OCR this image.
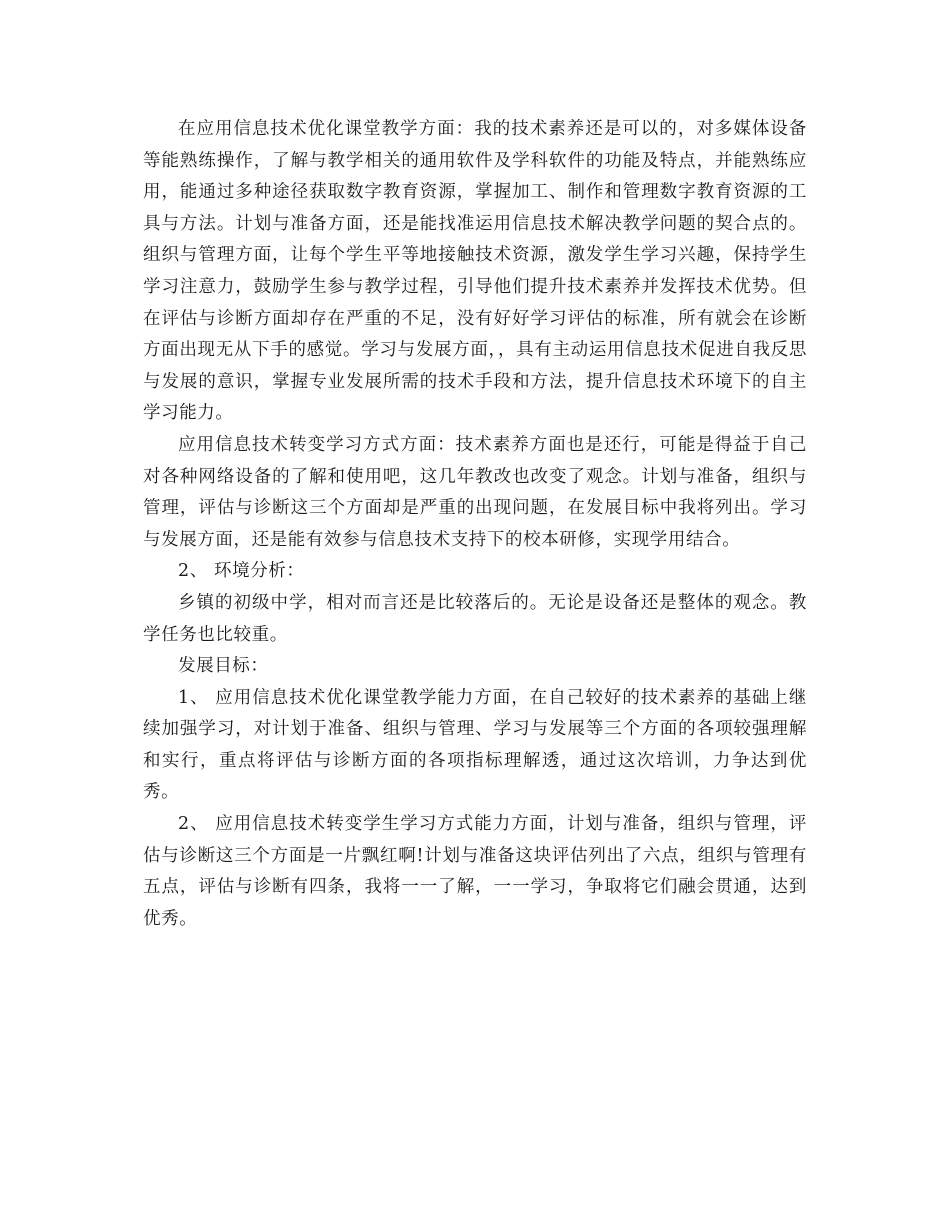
在应用信息技术优化课堂教学方面：我的技术素养还是可以的，对多媒体设备等能熟练操作，了解与教学相关的通用软件及学科软件的功能及特点，并能熟练应用，能通过多种途径获取数字教育资源，掌握加工、制作和管理数字教育资源的工具与方法。计划与准备方面，还是能找准运用信息技术解决教学问题的契合点的。组织与管理方面，让每个学生平等地接触技术资源，激发学生学习兴趣，保持学生学习注意力，鼓励学生参与教学过程，引导他们提升技术素养并发挥技术优势。但在评估与诊断方面却存在严重的不足，没有好好学习评估的标准，所有就会在诊断方面出现无从下手的感觉。学习与发展方面，，具有主动运用信息技术促进自我反思与发展的意识，掌握专业发展所需的技术手段和方法，提升信息技术环境下的自主学习能力。

应用信息技术转变学习方式方面：技术素养方面也是还行，可能是得益于自己对各种网络设备的了解和使用吧，这几年教改也改变了观念。计划与准备，组织与管理，评估与诊断这三个方面却是严重的出现问题，在发展目标中我将列出。学习与发展方面，还是能有效参与信息技术支持下的校本研修，实现学用结合。

2、 环境分析：

乡镇的初级中学，相对而言还是比较落后的。无论是设备还是整体的观念。教学任务也比较重。

发展目标：

1、 应用信息技术优化课堂教学能力方面，在自己较好的技术素养的基础上继续加强学习，对计划于准备、组织与管理、学习与发展等三个方面的各项较强理解和实行，重点将评估与诊断方面的各项指标理解透，通过这次培训，力争达到优秀。

2、 应用信息技术转变学生学习方式能力方面，计划与准备，组织与管理，评估与诊断这三个方面是一片飘红啊!计划与准备这块评估列出了六点，组织与管理有五点，评估与诊断有四条，我将一一了解，一一学习，争取将它们融会贯通，达到优秀。
